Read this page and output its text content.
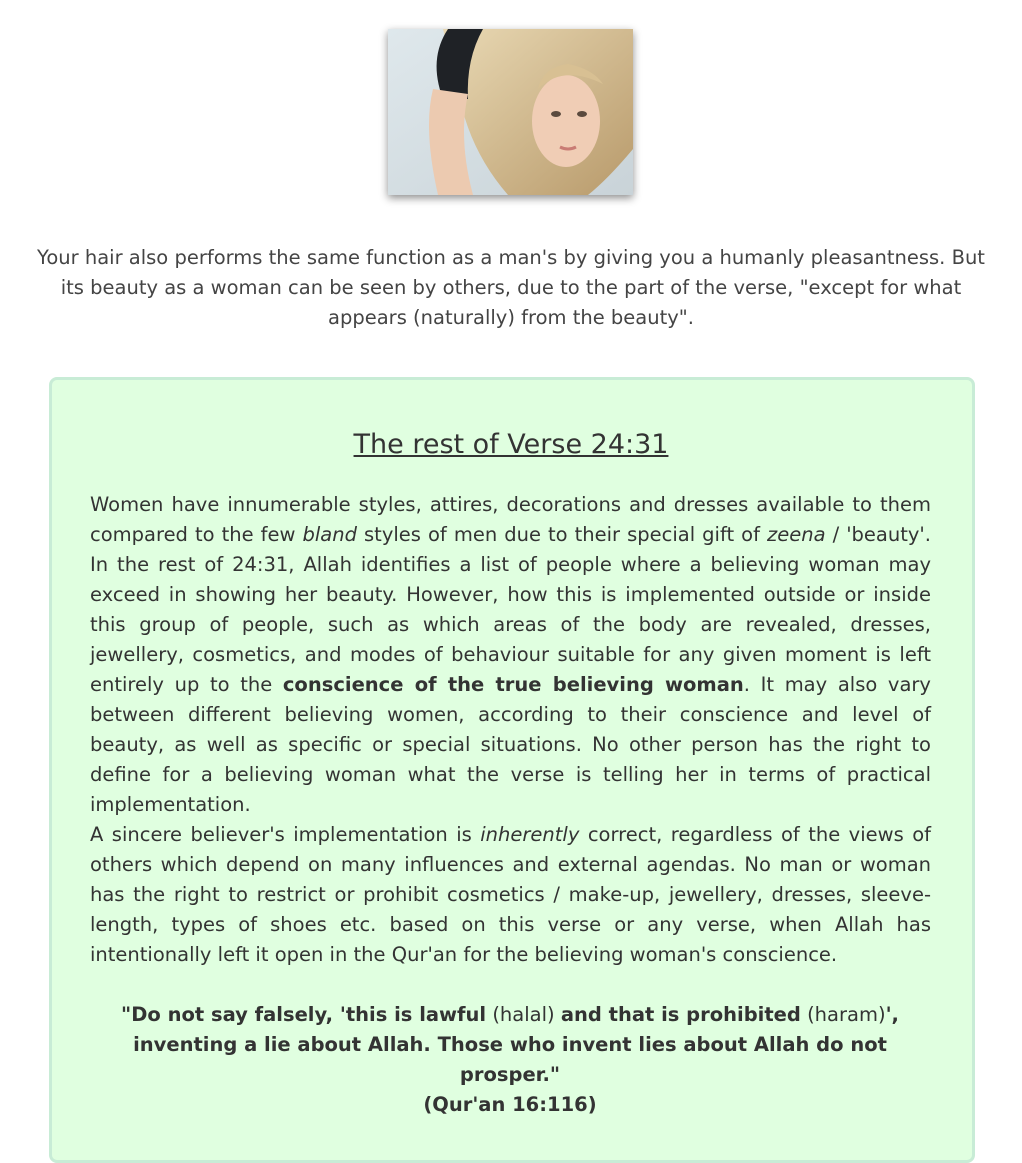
Your hair also performs the same function as a man's by giving you a humanly pleasantness. But its beauty as a woman can be seen by others, due to the part of the verse, "except for what appears (naturally) from the beauty".
The rest of Verse 24:31
Women have innumerable styles, attires, decorations and dresses available to them compared to the few bland styles of men due to their special gift of zeena / 'beauty'. In the rest of 24:31, Allah identifies a list of people where a believing woman may exceed in showing her beauty. However, how this is implemented outside or inside this group of people, such as which areas of the body are revealed, dresses, jewellery, cosmetics, and modes of behaviour suitable for any given moment is left entirely up to the conscience of the true believing woman. It may also vary between different believing women, according to their conscience and level of beauty, as well as specific or special situations. No other person has the right to define for a believing woman what the verse is telling her in terms of practical implementation.
A sincere believer's implementation is inherently correct, regardless of the views of others which depend on many influences and external agendas. No man or woman has the right to restrict or prohibit cosmetics / make-up, jewellery, dresses, sleeve-length, types of shoes etc. based on this verse or any verse, when Allah has intentionally left it open in the Qur'an for the believing woman's conscience.
"Do not say falsely, 'this is lawful (halal) and that is prohibited (haram)', inventing a lie about Allah. Those who invent lies about Allah do not prosper."
(Qur'an 16:116)
